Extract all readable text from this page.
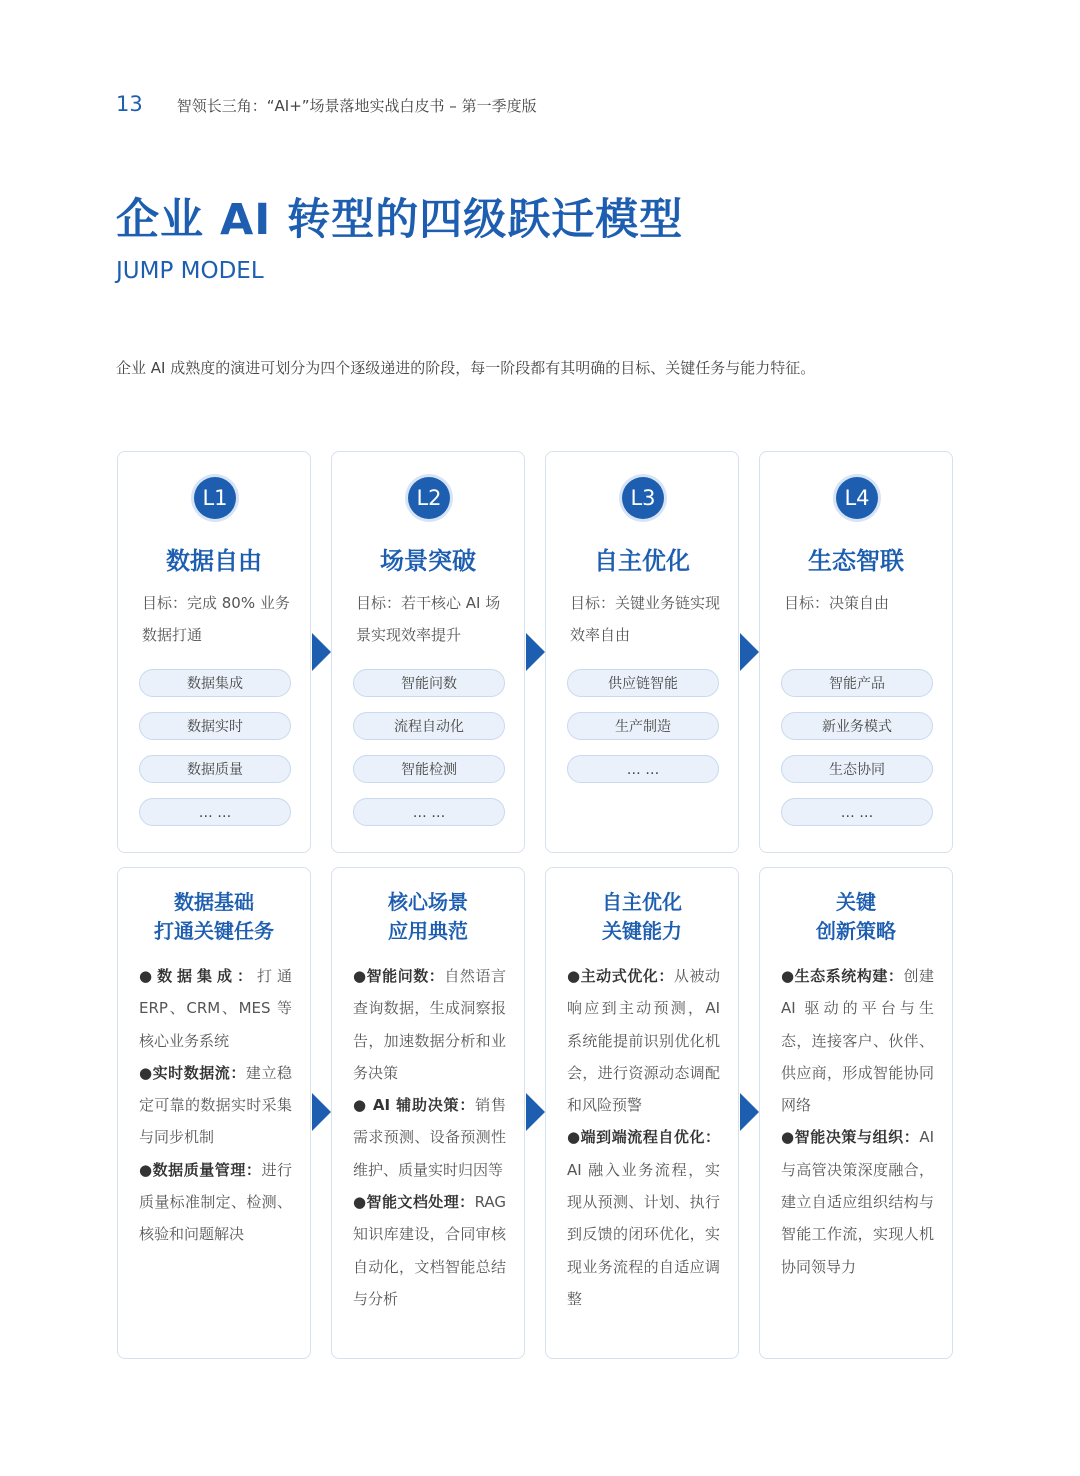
13 智领长三角：“AI+”场景落地实战白皮书 – 第一季度版
企业 AI 转型的四级跃迁模型
JUMP MODEL
企业 AI 成熟度的演进可划分为四个逐级递进的阶段，每一阶段都有其明确的目标、关键任务与能力特征。
L1
数据自由
目标：完成 80% 业务数据打通
数据集成
数据实时
数据质量
… …
L2
场景突破
目标：若干核心 AI 场景实现效率提升
智能问数
流程自动化
智能检测
… …
L3
自主优化
目标：关键业务链实现效率自由
供应链智能
生产制造
… …
L4
生态智联
目标：决策自由
智能产品
新业务模式
生态协同
… …
数据基础
打通关键任务
●数据集成：打通 ERP、CRM、MES 等核心业务系统
●实时数据流：建立稳定可靠的数据实时采集与同步机制
●数据质量管理：进行质量标准制定、检测、核验和问题解决
核心场景
应用典范
●智能问数：自然语言查询数据，生成洞察报告，加速数据分析和业务决策
● AI 辅助决策：销售需求预测、设备预测性维护、质量实时归因等
●智能文档处理：RAG 知识库建设，合同审核自动化，文档智能总结与分析
自主优化
关键能力
●主动式优化：从被动响应到主动预测，AI 系统能提前识别优化机会，进行资源动态调配和风险预警
●端到端流程自优化：AI 融入业务流程，实现从预测、计划、执行到反馈的闭环优化，实现业务流程的自适应调整
关键
创新策略
●生态系统构建：创建 AI 驱动的平台与生态，连接客户、伙伴、供应商，形成智能协同网络
●智能决策与组织：AI 与高管决策深度融合，建立自适应组织结构与智能工作流，实现人机协同领导力
